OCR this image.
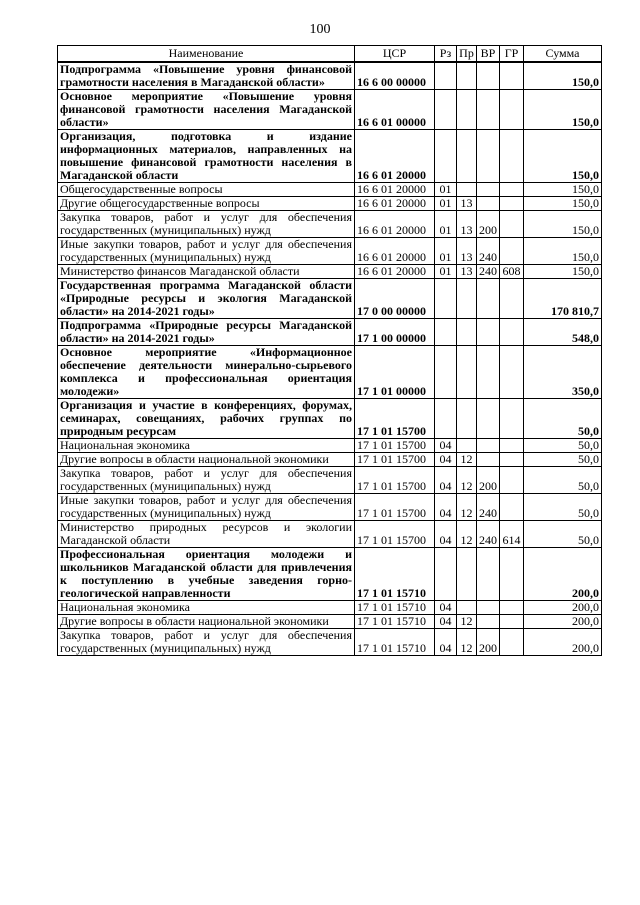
100
Наименование	ЦСР	Рз	Пр	ВР	ГР	Сумма
Подпрограмма «Повышение уровня финансовой грамотности населения в Магаданской области»	16 6 00 00000					150,0
Основное мероприятие «Повышение уровня финансовой грамотности населения Магаданской области»	16 6 01 00000					150,0
Организация, подготовка и издание информационных материалов, направленных на повышение финансовой грамотности населения в Магаданской области	16 6 01 20000					150,0
Общегосударственные вопросы	16 6 01 20000	01				150,0
Другие общегосударственные вопросы	16 6 01 20000	01	13			150,0
Закупка товаров, работ и услуг для обеспечения государственных (муниципальных) нужд	16 6 01 20000	01	13	200		150,0
Иные закупки товаров, работ и услуг для обеспечения государственных (муниципальных) нужд	16 6 01 20000	01	13	240		150,0
Министерство финансов Магаданской области	16 6 01 20000	01	13	240	608	150,0
Государственная программа Магаданской области «Природные ресурсы и экология Магаданской области» на 2014-2021 годы»	17 0 00 00000					170 810,7
Подпрограмма «Природные ресурсы Магаданской области» на 2014-2021 годы»	17 1 00 00000					548,0
Основное мероприятие «Информационное обеспечение деятельности минерально-сырьевого комплекса и профессиональная ориентация молодежи»	17 1 01 00000					350,0
Организация и участие в конференциях, форумах, семинарах, совещаниях, рабочих группах по природным ресурсам	17 1 01 15700					50,0
Национальная экономика	17 1 01 15700	04				50,0
Другие вопросы в области национальной экономики	17 1 01 15700	04	12			50,0
Закупка товаров, работ и услуг для обеспечения государственных (муниципальных) нужд	17 1 01 15700	04	12	200		50,0
Иные закупки товаров, работ и услуг для обеспечения государственных (муниципальных) нужд	17 1 01 15700	04	12	240		50,0
Министерство природных ресурсов и экологии Магаданской области	17 1 01 15700	04	12	240	614	50,0
Профессиональная ориентация молодежи и школьников Магаданской области для привлечения к поступлению в учебные заведения горно-геологической направленности	17 1 01 15710					200,0
Национальная экономика	17 1 01 15710	04				200,0
Другие вопросы в области национальной экономики	17 1 01 15710	04	12			200,0
Закупка товаров, работ и услуг для обеспечения государственных (муниципальных) нужд	17 1 01 15710	04	12	200		200,0
